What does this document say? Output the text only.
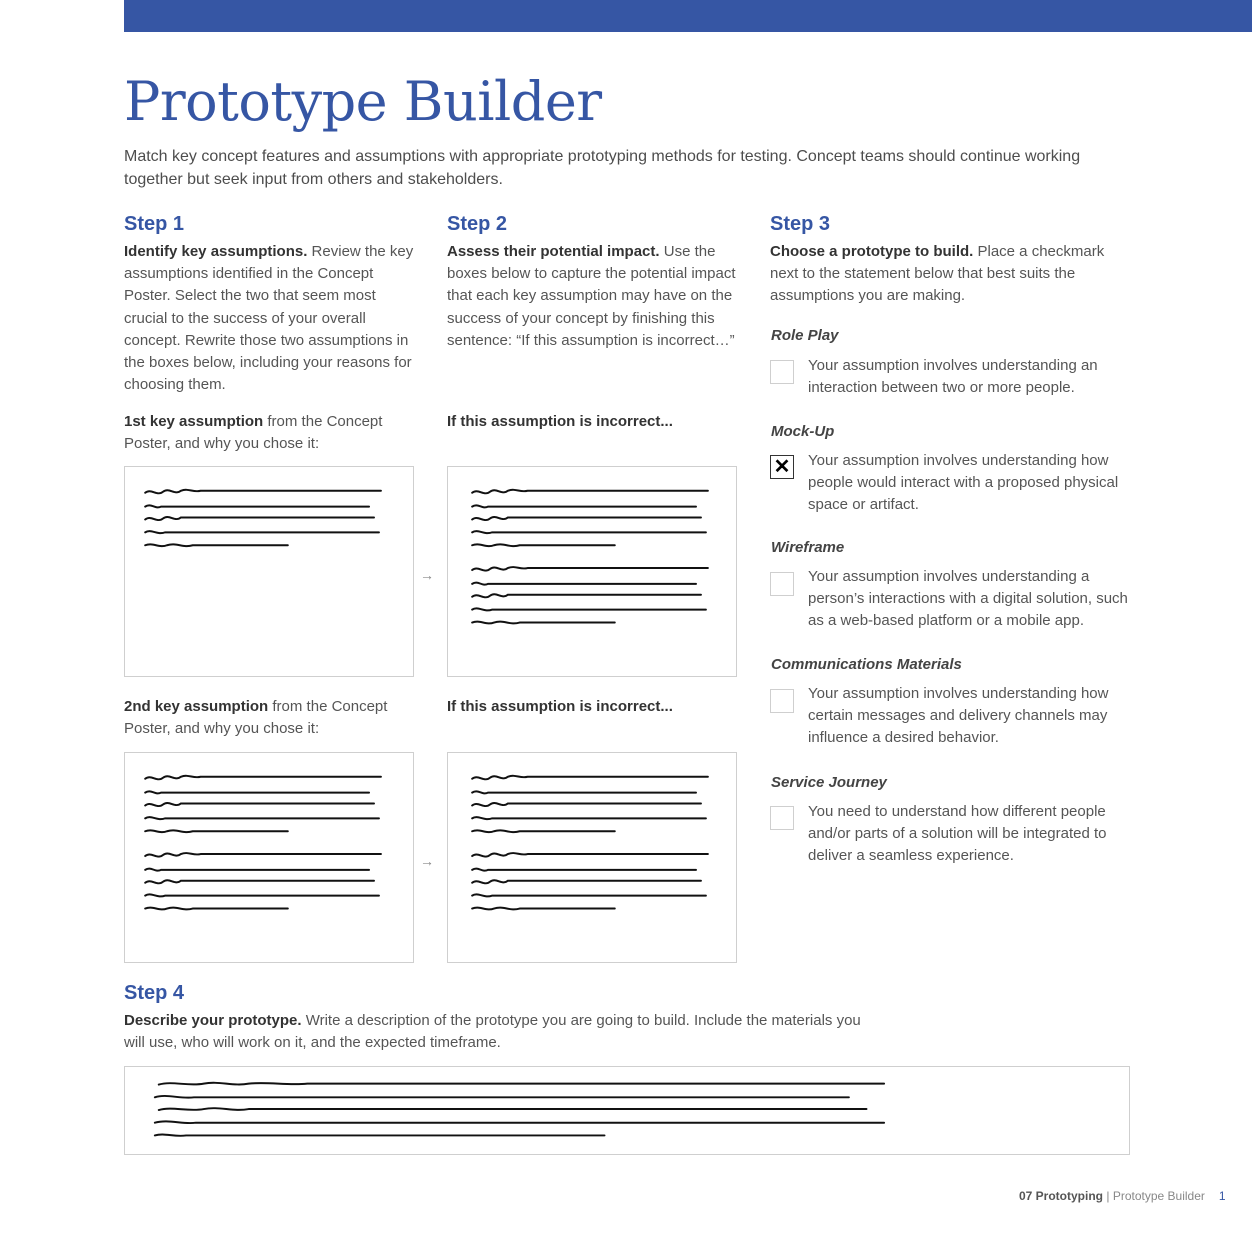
Prototype Builder
Match key concept features and assumptions with appropriate prototyping methods for testing. Concept teams should continue working together but seek input from others and stakeholders.
Step 1
Identify key assumptions. Review the key assumptions identified in the Concept Poster. Select the two that seem most crucial to the success of your overall concept. Rewrite those two assumptions in the boxes below, including your reasons for choosing them.
1st key assumption from the Concept Poster, and why you chose it:
2nd key assumption from the Concept Poster, and why you chose it:
Step 2
Assess their potential impact. Use the boxes below to capture the potential impact that each key assumption may have on the success of your concept by finishing this sentence: “If this assumption is incorrect…”
If this assumption is incorrect...
If this assumption is incorrect...
→
→
Step 3
Choose a prototype to build. Place a checkmark next to the statement below that best suits the assumptions you are making.
Role Play
Your assumption involves understanding an interaction between two or more people.
Mock-Up
✕ Your assumption involves understanding how people would interact with a proposed physical space or artifact.
Wireframe
Your assumption involves understanding a person’s interactions with a digital solution, such as a web-based platform or a mobile app.
Communications Materials
Your assumption involves understanding how certain messages and delivery channels may influence a desired behavior.
Service Journey
You need to understand how different people and/or parts of a solution will be integrated to deliver a seamless experience.
Step 4
Describe your prototype. Write a description of the prototype you are going to build. Include the materials you will use, who will work on it, and the expected timeframe.
07 Prototyping | Prototype Builder 1
